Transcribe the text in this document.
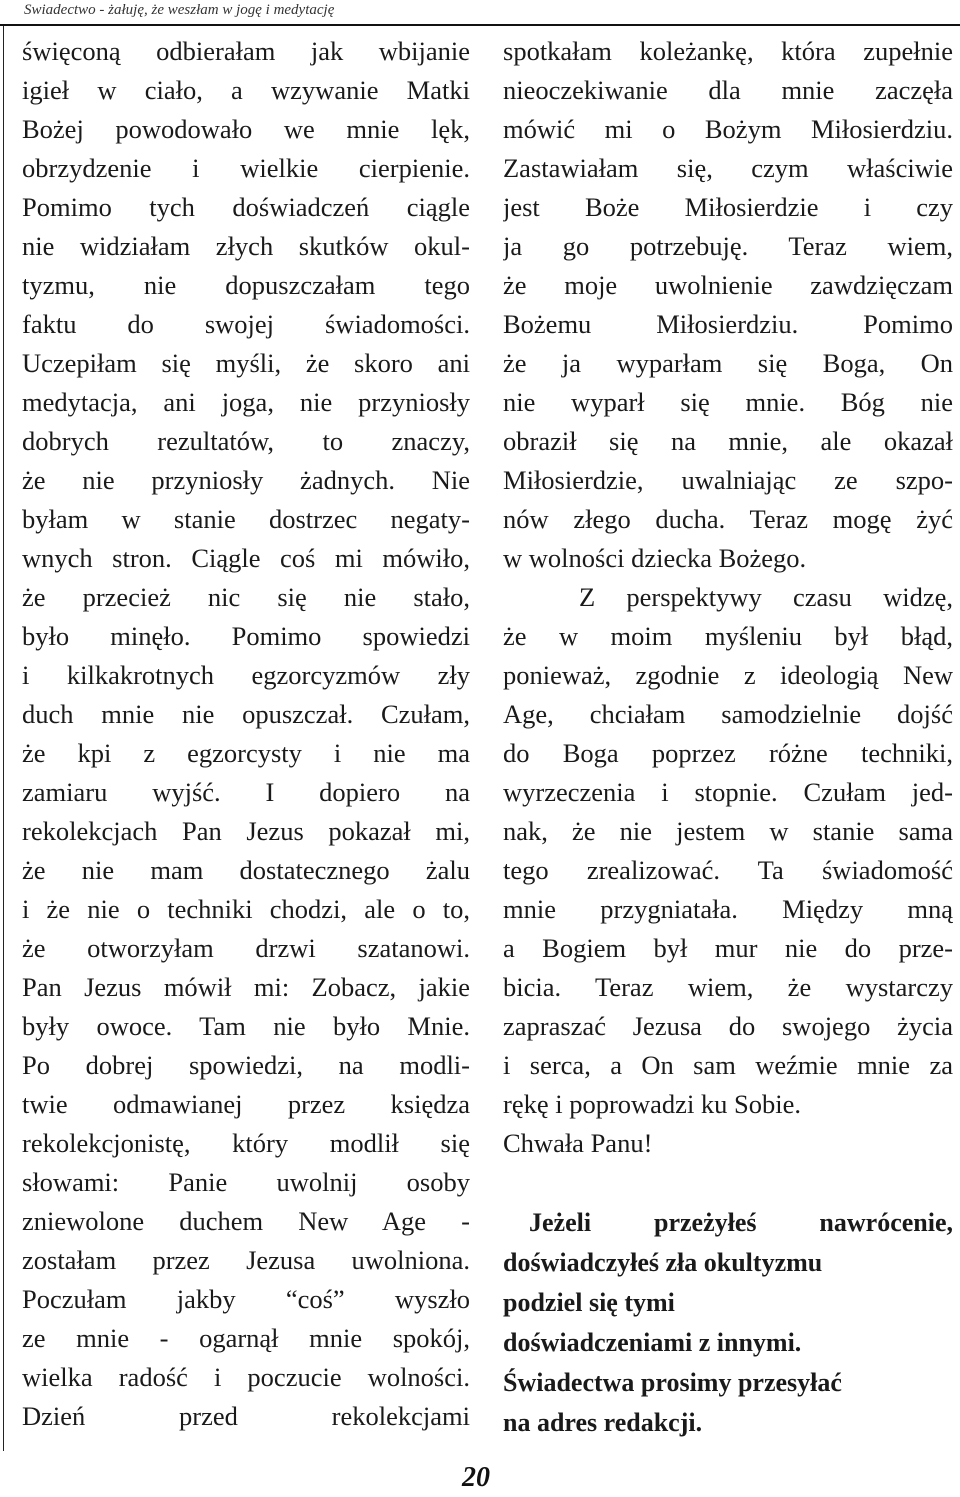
Swiadectwo - żałuję, że weszłam w jogę i medytację
święconą odbierałam jak wbijanie
igieł w ciało, a wzywanie Matki
Bożej powodowało we mnie lęk,
obrzydzenie i wielkie cierpienie.
Pomimo tych doświadczeń ciągle
nie widziałam złych skutków okul-
tyzmu, nie dopuszczałam tego
faktu do swojej świadomości.
Uczepiłam się myśli, że skoro ani
medytacja, ani joga, nie przyniosły
dobrych rezultatów, to znaczy,
że nie przyniosły żadnych. Nie
byłam w stanie dostrzec negaty-
wnych stron. Ciągle coś mi mówiło,
że przecież nic się nie stało,
było minęło. Pomimo spowiedzi
i kilkakrotnych egzorcyzmów zły
duch mnie nie opuszczał. Czułam,
że kpi z egzorcysty i nie ma
zamiaru wyjść. I dopiero na
rekolekcjach Pan Jezus pokazał mi,
że nie mam dostatecznego żalu
i że nie o techniki chodzi, ale o to,
że otworzyłam drzwi szatanowi.
Pan Jezus mówił mi: Zobacz, jakie
były owoce. Tam nie było Mnie.
Po dobrej spowiedzi, na modli-
twie odmawianej przez księdza
rekolekcjonistę, który modlił się
słowami: Panie uwolnij osoby
zniewolone duchem New Age -
zostałam przez Jezusa uwolniona.
Poczułam jakby “coś” wyszło
ze mnie - ogarnął mnie spokój,
wielka radość i poczucie wolności.
Dzień przed rekolekcjami
spotkałam koleżankę, która zupełnie
nieoczekiwanie dla mnie zaczęła
mówić mi o Bożym Miłosierdziu.
Zastawiałam się, czym właściwie
jest Boże Miłosierdzie i czy
ja go potrzebuję. Teraz wiem,
że moje uwolnienie zawdzięczam
Bożemu Miłosierdziu. Pomimo
że ja wyparłam się Boga, On
nie wyparł się mnie. Bóg nie
obraził się na mnie, ale okazał
Miłosierdzie, uwalniając ze szpo-
nów złego ducha. Teraz mogę żyć
w wolności dziecka Bożego.
Z perspektywy czasu widzę,
że w moim myśleniu był błąd,
ponieważ, zgodnie z ideologią New
Age, chciałam samodzielnie dojść
do Boga poprzez różne techniki,
wyrzeczenia i stopnie. Czułam jed-
nak, że nie jestem w stanie sama
tego zrealizować. Ta świadomość
mnie przygniatała. Między mną
a Bogiem był mur nie do prze-
bicia. Teraz wiem, że wystarczy
zapraszać Jezusa do swojego życia
i serca, a On sam weźmie mnie za
rękę i poprowadzi ku Sobie.
Chwała Panu!
Jeżeli przeżyłeś nawrócenie,
doświadczyłeś zła okultyzmu
podziel się tymi
doświadczeniami z innymi.
Świadectwa prosimy przesyłać
na adres redakcji.
20
